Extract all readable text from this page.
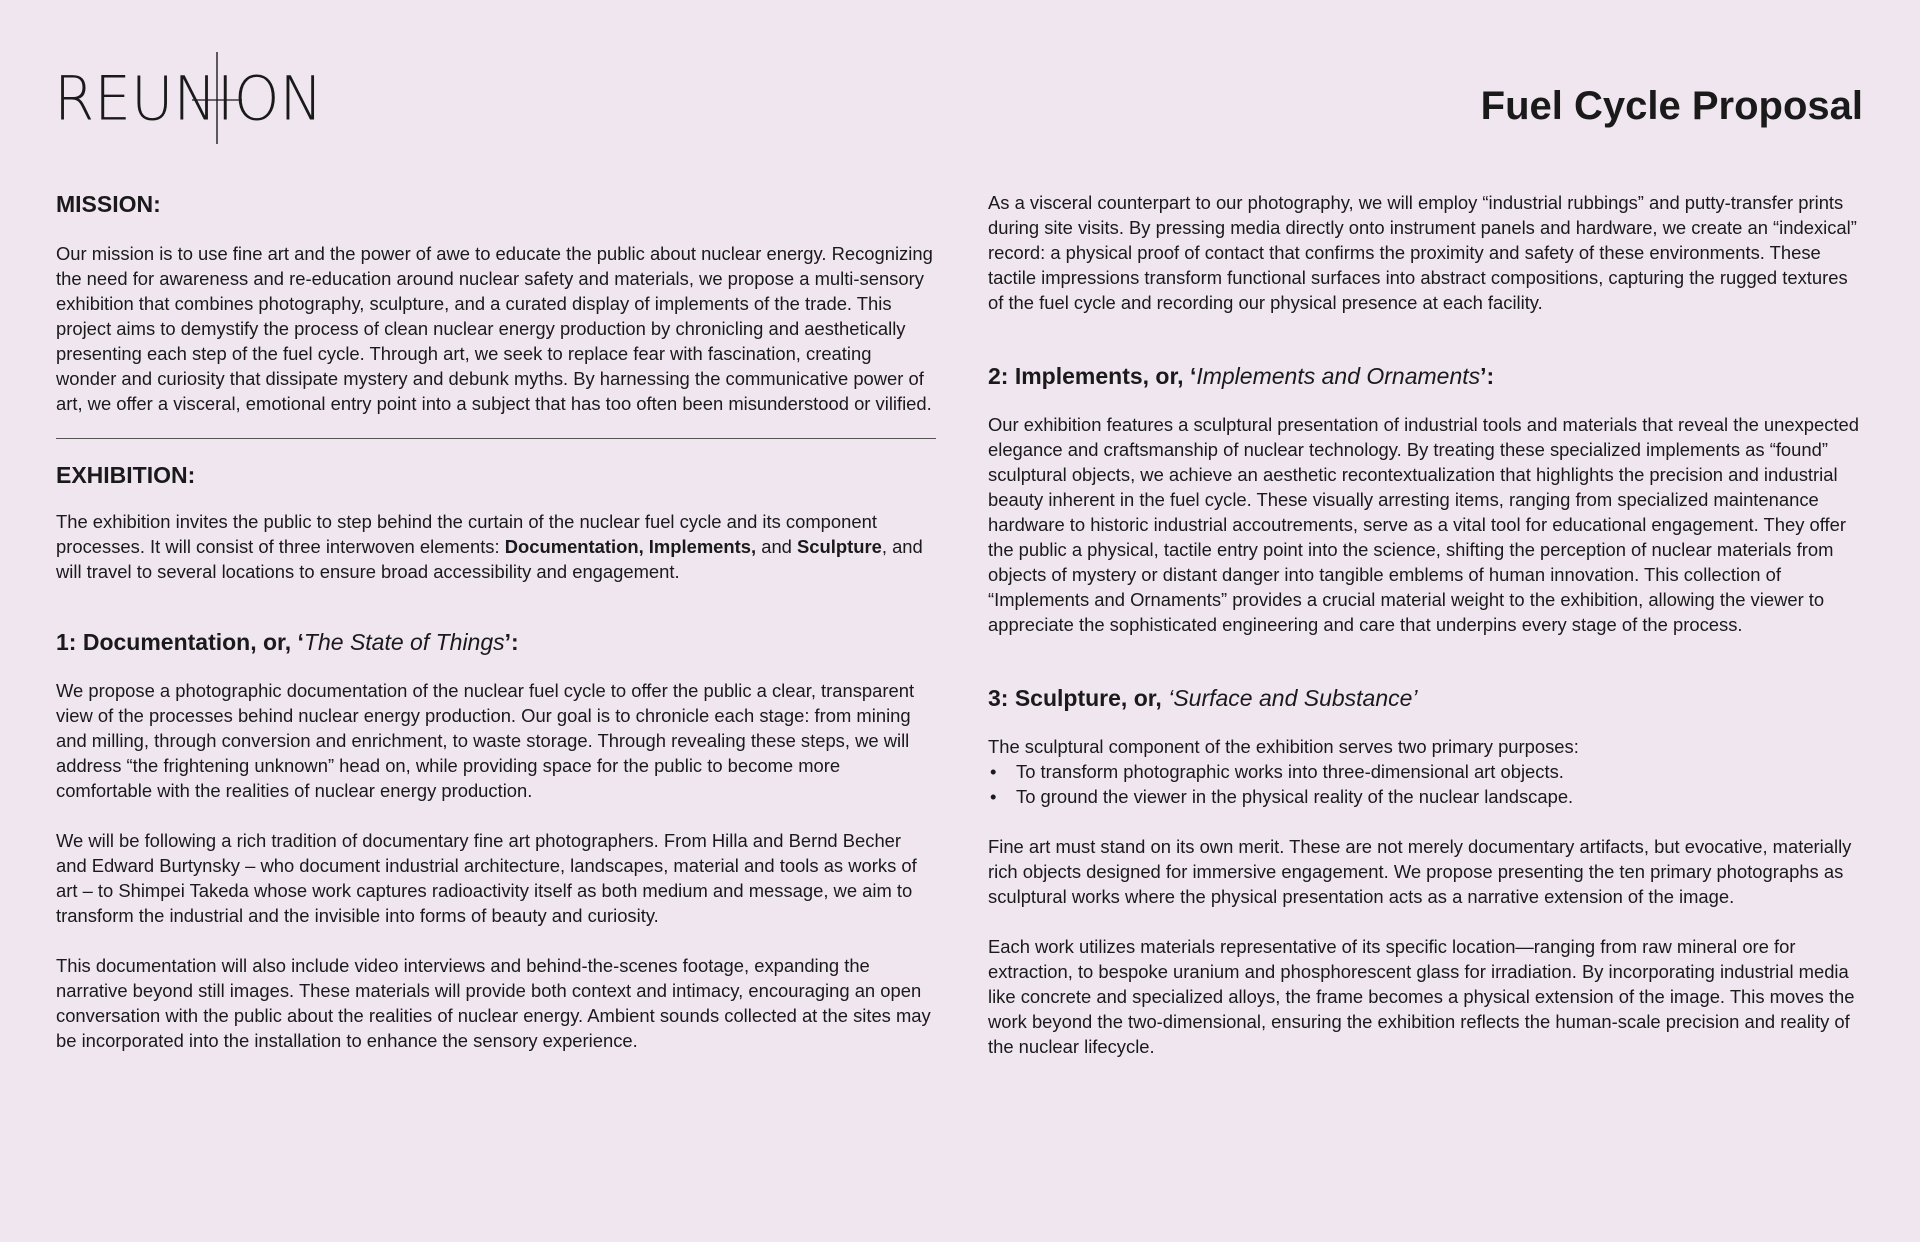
REUNION	Fuel Cycle Proposal
MISSION:

Our mission is to use fine art and the power of awe to educate the public about nuclear energy. Recognizing the need for awareness and re-education around nuclear safety and materials, we propose a multi-sensory exhibition that combines photography, sculpture, and a curated display of implements of the trade. This project aims to demystify the process of clean nuclear energy production by chronicling and aesthetically presenting each step of the fuel cycle. Through art, we seek to replace fear with fascination, creating wonder and curiosity that dissipate mystery and debunk myths. By harnessing the communicative power of art, we offer a visceral, emotional entry point into a subject that has too often been misunderstood or vilified.

EXHIBITION:

The exhibition invites the public to step behind the curtain of the nuclear fuel cycle and its component processes. It will consist of three interwoven elements: Documentation, Implements, and Sculpture, and will travel to several locations to ensure broad accessibility and engagement.

1: Documentation, or, ‘The State of Things’:

We propose a photographic documentation of the nuclear fuel cycle to offer the public a clear, transparent view of the processes behind nuclear energy production. Our goal is to chronicle each stage: from mining and milling, through conversion and enrichment, to waste storage. Through revealing these steps, we will address “the frightening unknown” head on, while providing space for the public to become more comfortable with the realities of nuclear energy production.

We will be following a rich tradition of documentary fine art photographers. From Hilla and Bernd Becher and Edward Burtynsky – who document industrial architecture, landscapes, material and tools as works of art – to Shimpei Takeda whose work captures radioactivity itself as both medium and message, we aim to transform the industrial and the invisible into forms of beauty and curiosity.

This documentation will also include video interviews and behind-the-scenes footage, expanding the narrative beyond still images. These materials will provide both context and intimacy, encouraging an open conversation with the public about the realities of nuclear energy. Ambient sounds collected at the sites may be incorporated into the installation to enhance the sensory experience.

As a visceral counterpart to our photography, we will employ “industrial rubbings” and putty-transfer prints during site visits. By pressing media directly onto instrument panels and hardware, we create an “indexical” record: a physical proof of contact that confirms the proximity and safety of these environments. These tactile impressions transform functional surfaces into abstract compositions, capturing the rugged textures of the fuel cycle and recording our physical presence at each facility.

2: Implements, or, ‘Implements and Ornaments’:

Our exhibition features a sculptural presentation of industrial tools and materials that reveal the unexpected elegance and craftsmanship of nuclear technology. By treating these specialized implements as “found” sculptural objects, we achieve an aesthetic recontextualization that highlights the precision and industrial beauty inherent in the fuel cycle. These visually arresting items, ranging from specialized maintenance hardware to historic industrial accoutrements, serve as a vital tool for educational engagement. They offer the public a physical, tactile entry point into the science, shifting the perception of nuclear materials from objects of mystery or distant danger into tangible emblems of human innovation. This collection of “Implements and Ornaments” provides a crucial material weight to the exhibition, allowing the viewer to appreciate the sophisticated engineering and care that underpins every stage of the process.

3: Sculpture, or, ‘Surface and Substance’

The sculptural component of the exhibition serves two primary purposes:

• To transform photographic works into three-dimensional art objects.
• To ground the viewer in the physical reality of the nuclear landscape.

Fine art must stand on its own merit. These are not merely documentary artifacts, but evocative, materially rich objects designed for immersive engagement. We propose presenting the ten primary photographs as sculptural works where the physical presentation acts as a narrative extension of the image.

Each work utilizes materials representative of its specific location—ranging from raw mineral ore for extraction, to bespoke uranium and phosphorescent glass for irradiation. By incorporating industrial media like concrete and specialized alloys, the frame becomes a physical extension of the image. This moves the work beyond the two-dimensional, ensuring the exhibition reflects the human-scale precision and reality of the nuclear lifecycle.
